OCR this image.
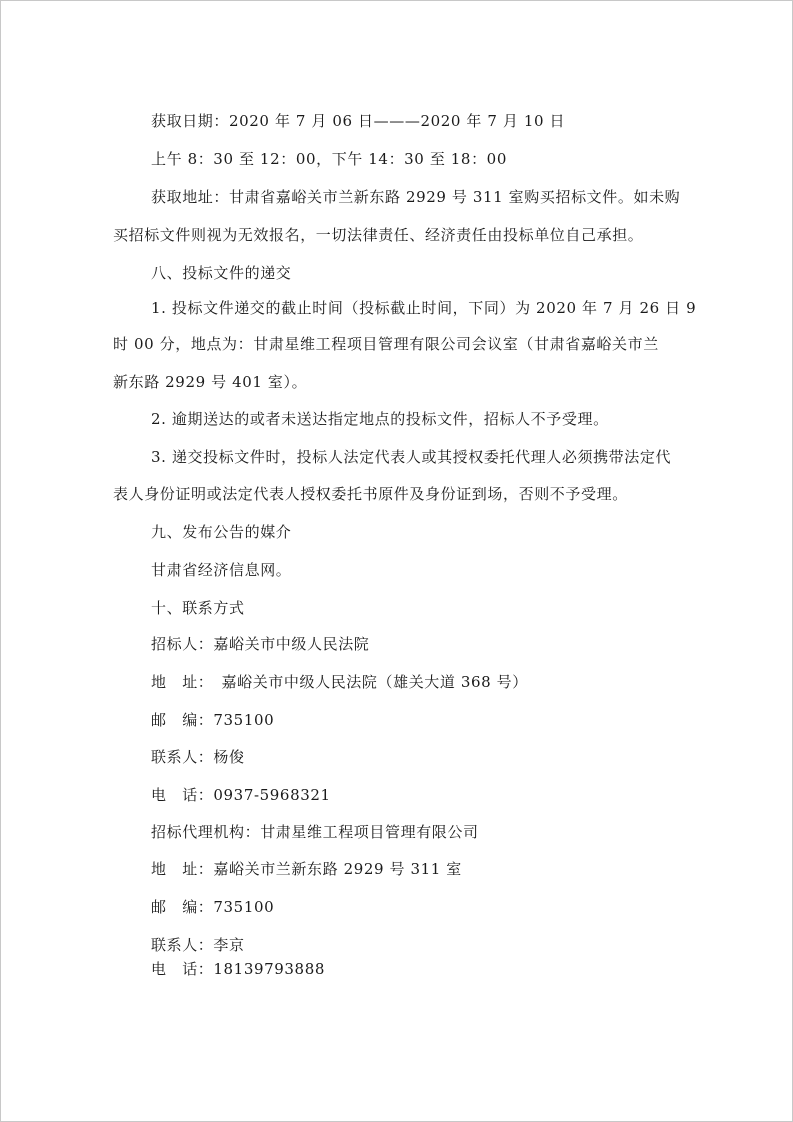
获取日期：2020 年 7 月 06 日———2020 年 7 月 10 日
上午 8：30 至 12：00，下午 14：30 至 18：00
获取地址：甘肃省嘉峪关市兰新东路 2929 号 311 室购买招标文件。如未购
买招标文件则视为无效报名，一切法律责任、经济责任由投标单位自己承担。
八、投标文件的递交
1. 投标文件递交的截止时间（投标截止时间，下同）为 2020 年 7 月 26 日 9
时 00 分，地点为：甘肃星维工程项目管理有限公司会议室（甘肃省嘉峪关市兰
新东路 2929 号 401 室）。
2. 逾期送达的或者未送达指定地点的投标文件，招标人不予受理。
3. 递交投标文件时，投标人法定代表人或其授权委托代理人必须携带法定代
表人身份证明或法定代表人授权委托书原件及身份证到场，否则不予受理。
九、发布公告的媒介
甘肃省经济信息网。
十、联系方式
招标人：嘉峪关市中级人民法院
地　址：　嘉峪关市中级人民法院（雄关大道 368 号）
邮　编：735100
联系人：杨俊
电　话：0937-5968321
招标代理机构：甘肃星维工程项目管理有限公司
地　址：嘉峪关市兰新东路 2929 号 311 室
邮　编：735100
联系人：李京
电　话：18139793888
